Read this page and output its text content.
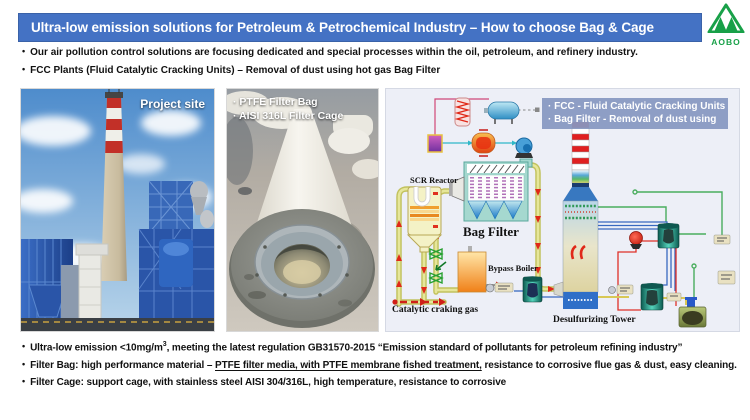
Ultra-low emission solutions for Petroleum & Petrochemical Industry – How to choose Bag & Cage
AOBO
• Our air pollution control solutions are focusing dedicated and special processes within the oil, petroleum, and refinery industry.
• FCC Plants (Fluid Catalytic Cracking Units) – Removal of dust using hot gas Bag Filter
Project site	· PTFE Filter Bag
· AISI 316L Filter Cage
· FCC - Fluid Catalytic Cracking Units
· Bag Filter - Removal of dust using
SCR Reactor
Bag Filter
Bypass Boiler
Catalytic craking gas
Desulfurizing Tower
• Ultra-low emission $<10mg/m^3$, meeting the latest regulation GB31570-2015 “Emission standard of pollutants for petroleum refining industry”
• Filter Bag: high performance material – PTFE filter media, with PTFE membrane fished treatment, resistance to corrosive flue gas & dust, easy cleaning.
• Filter Cage: support cage, with stainless steel AISI 304/316L, high temperature, resistance to corrosive
